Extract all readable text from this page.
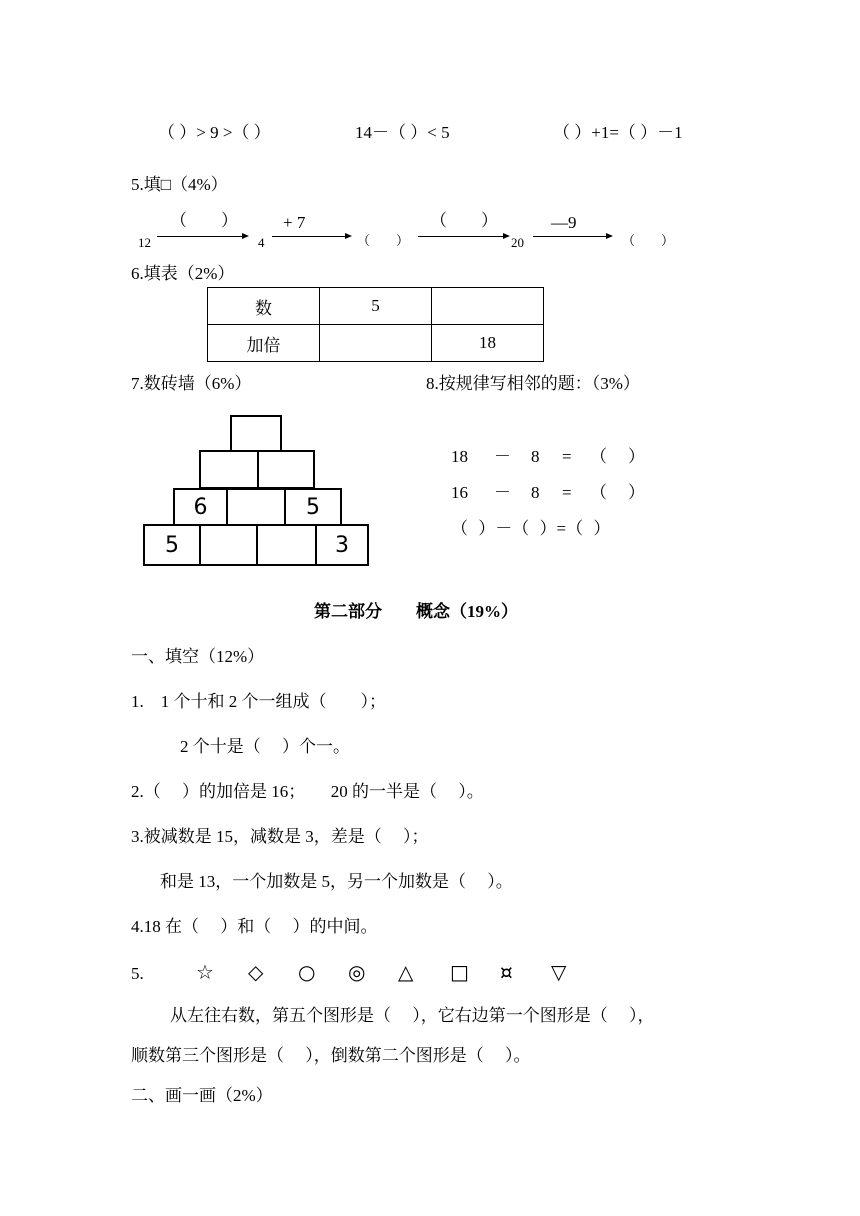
（ ）> 9 >（ ）	14－（ ）< 5	（ ）+1=（ ）－1
5.填□（4%）
12
（　　）
4
+ 7
（　　）
（　　）
20
—9
（　　）
6.填表（2%）
数	5	
加倍		18
7.数砖墙（6%）	8.按规律写相邻的题：（3%）
6	5
5	3
18 － 8 = （ ）
16 － 8 = （ ）
（ ）－（ ）=（ ）
第二部分　　概念（19%）
一、填空（12%）
1.　1 个十和 2 个一组成（　　）；
2 个十是（　 ）个一。
2.（　 ）的加倍是 16；　　20 的一半是（　 ）。
3.被减数是 15，减数是 3，差是（　 ）；
和是 13，一个加数是 5，另一个加数是（　 ）。
4.18 在（　 ）和（　 ）的中间。
5.	☆ ◇ ○ ◎ △ □ ¤ ▽
从左往右数，第五个图形是（　 ），它右边第一个图形是（　 ），
顺数第三个图形是（　 ），倒数第二个图形是（　 ）。
二、画一画（2%）
